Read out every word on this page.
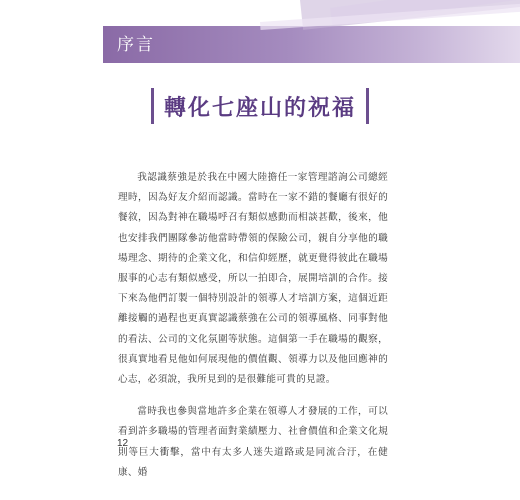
序言
轉化七座山的祝福

我認識蔡強是於我在中國大陸擔任一家管理諮詢公司總經理時，因為好友介紹而認識。當時在一家不錯的餐廳有很好的餐敘，因為對神在職場呼召有類似感動而相談甚歡，後來，他也安排我們團隊參訪他當時帶領的保險公司，親自分享他的職場理念、期待的企業文化，和信仰經歷，就更覺得彼此在職場服事的心志有類似感受，所以一拍即合，展開培訓的合作。接下來為他們訂製一個特別設計的領導人才培訓方案，這個近距離接觸的過程也更真實認識蔡強在公司的領導風格、同事對他的看法、公司的文化氛圍等狀態。這個第一手在職場的觀察，很真實地看見他如何展現他的價值觀、領導力以及他回應神的心志，必須說，我所見到的是很難能可貴的見證。

當時我也參與當地許多企業在領導人才發展的工作，可以看到許多職場的管理者面對業績壓力、社會價值和企業文化規則等巨大衝擊，當中有太多人迷失道路或是同流合汙，在健康、婚

12
